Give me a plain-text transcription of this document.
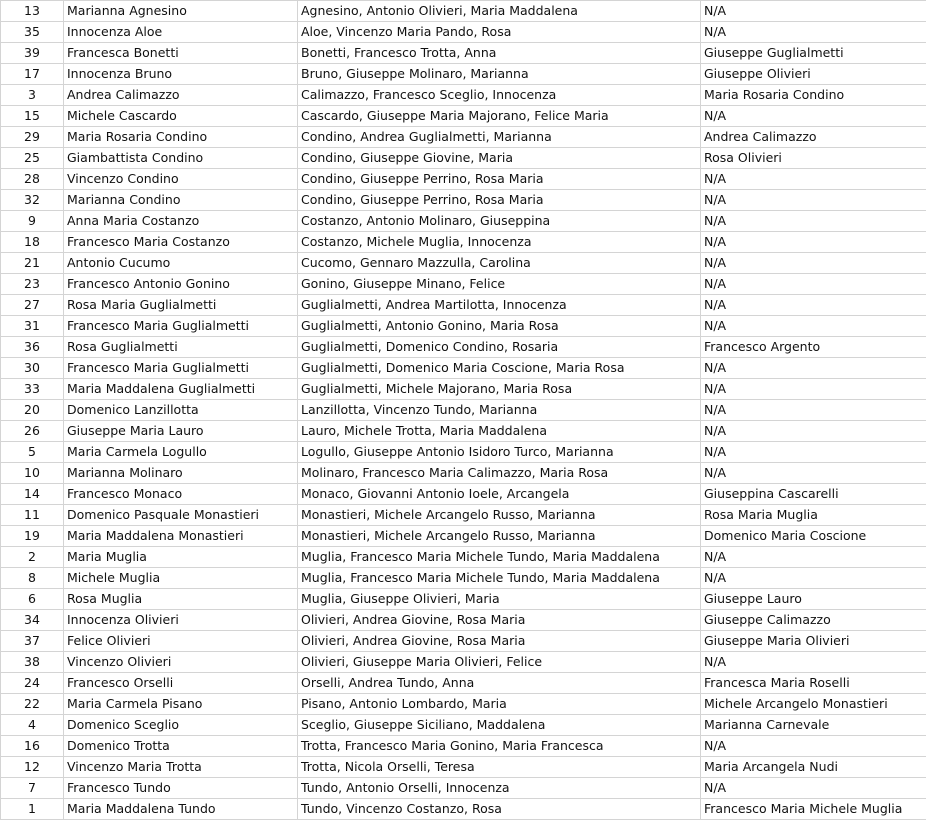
13	Marianna Agnesino	Agnesino, Antonio Olivieri, Maria Maddalena	N/A
35	Innocenza Aloe	Aloe, Vincenzo Maria Pando, Rosa	N/A
39	Francesca Bonetti	Bonetti, Francesco Trotta, Anna	Giuseppe Guglialmetti
17	Innocenza Bruno	Bruno, Giuseppe Molinaro, Marianna	Giuseppe Olivieri
3	Andrea Calimazzo	Calimazzo, Francesco Sceglio, Innocenza	Maria Rosaria Condino
15	Michele Cascardo	Cascardo, Giuseppe Maria Majorano, Felice Maria	N/A
29	Maria Rosaria Condino	Condino, Andrea Guglialmetti, Marianna	Andrea Calimazzo
25	Giambattista Condino	Condino, Giuseppe Giovine, Maria	Rosa Olivieri
28	Vincenzo Condino	Condino, Giuseppe Perrino, Rosa Maria	N/A
32	Marianna Condino	Condino, Giuseppe Perrino, Rosa Maria	N/A
9	Anna Maria Costanzo	Costanzo, Antonio Molinaro, Giuseppina	N/A
18	Francesco Maria Costanzo	Costanzo, Michele Muglia, Innocenza	N/A
21	Antonio Cucumo	Cucomo, Gennaro Mazzulla, Carolina	N/A
23	Francesco Antonio Gonino	Gonino, Giuseppe Minano, Felice	N/A
27	Rosa Maria Guglialmetti	Guglialmetti, Andrea Martilotta, Innocenza	N/A
31	Francesco Maria Guglialmetti	Guglialmetti, Antonio Gonino, Maria Rosa	N/A
36	Rosa Guglialmetti	Guglialmetti, Domenico Condino, Rosaria	Francesco Argento
30	Francesco Maria Guglialmetti	Guglialmetti, Domenico Maria Coscione, Maria Rosa	N/A
33	Maria Maddalena Guglialmetti	Guglialmetti, Michele Majorano, Maria Rosa	N/A
20	Domenico Lanzillotta	Lanzillotta, Vincenzo Tundo, Marianna	N/A
26	Giuseppe Maria Lauro	Lauro, Michele Trotta, Maria Maddalena	N/A
5	Maria Carmela Logullo	Logullo, Giuseppe Antonio Isidoro Turco, Marianna	N/A
10	Marianna Molinaro	Molinaro, Francesco Maria Calimazzo, Maria Rosa	N/A
14	Francesco Monaco	Monaco, Giovanni Antonio Ioele, Arcangela	Giuseppina Cascarelli
11	Domenico Pasquale Monastieri	Monastieri, Michele Arcangelo Russo, Marianna	Rosa Maria Muglia
19	Maria Maddalena Monastieri	Monastieri, Michele Arcangelo Russo, Marianna	Domenico Maria Coscione
2	Maria Muglia	Muglia, Francesco Maria Michele Tundo, Maria Maddalena	N/A
8	Michele Muglia	Muglia, Francesco Maria Michele Tundo, Maria Maddalena	N/A
6	Rosa Muglia	Muglia, Giuseppe Olivieri, Maria	Giuseppe Lauro
34	Innocenza Olivieri	Olivieri, Andrea Giovine, Rosa Maria	Giuseppe Calimazzo
37	Felice Olivieri	Olivieri, Andrea Giovine, Rosa Maria	Giuseppe Maria Olivieri
38	Vincenzo Olivieri	Olivieri, Giuseppe Maria Olivieri, Felice	N/A
24	Francesco Orselli	Orselli, Andrea Tundo, Anna	Francesca Maria Roselli
22	Maria Carmela Pisano	Pisano, Antonio Lombardo, Maria	Michele Arcangelo Monastieri
4	Domenico Sceglio	Sceglio, Giuseppe Siciliano, Maddalena	Marianna Carnevale
16	Domenico Trotta	Trotta, Francesco Maria Gonino, Maria Francesca	N/A
12	Vincenzo Maria Trotta	Trotta, Nicola Orselli, Teresa	Maria Arcangela Nudi
7	Francesco Tundo	Tundo, Antonio Orselli, Innocenza	N/A
1	Maria Maddalena Tundo	Tundo, Vincenzo Costanzo, Rosa	Francesco Maria Michele Muglia
